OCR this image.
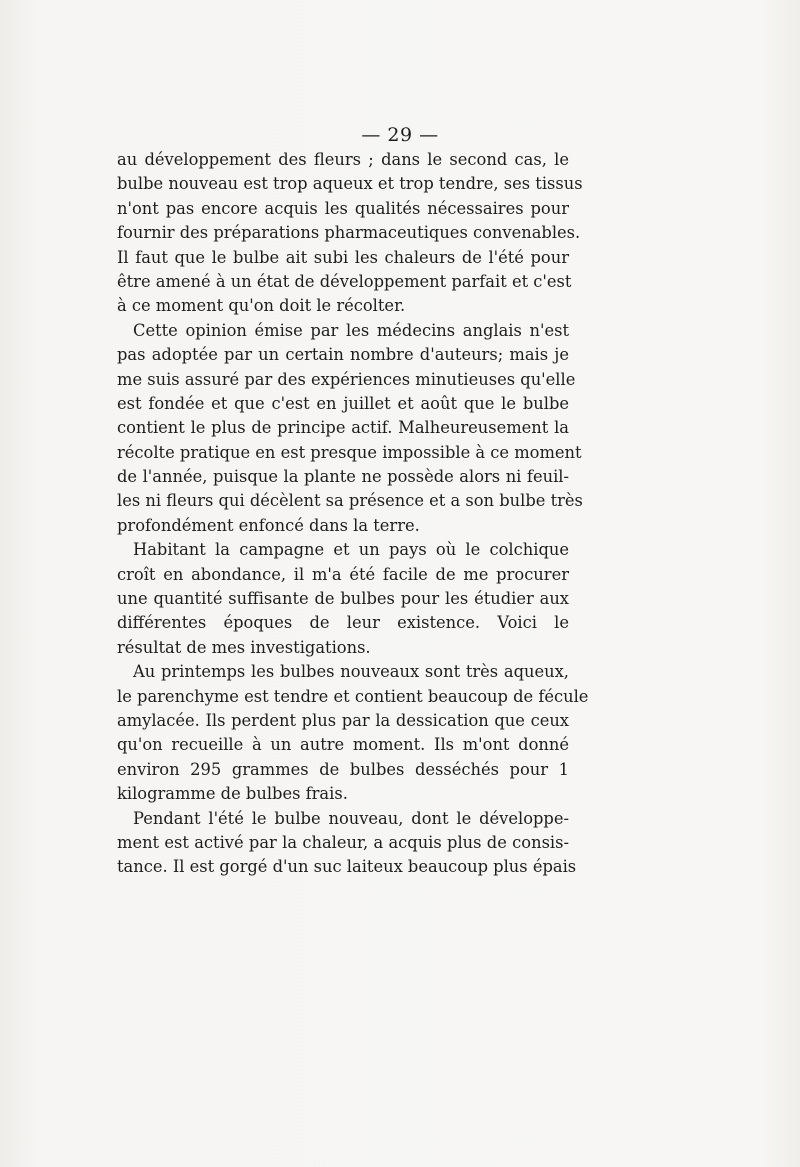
— 29 —
au développement des fleurs ; dans le second cas, le
bulbe nouveau est trop aqueux et trop tendre, ses tissus
n'ont pas encore acquis les qualités nécessaires pour
fournir des préparations pharmaceutiques convenables.
Il faut que le bulbe ait subi les chaleurs de l'été pour
être amené à un état de développement parfait et c'est
à ce moment qu'on doit le récolter.
Cette opinion émise par les médecins anglais n'est
pas adoptée par un certain nombre d'auteurs; mais je
me suis assuré par des expériences minutieuses qu'elle
est fondée et que c'est en juillet et août que le bulbe
contient le plus de principe actif. Malheureusement la
récolte pratique en est presque impossible à ce moment
de l'année, puisque la plante ne possède alors ni feuil-
les ni fleurs qui décèlent sa présence et a son bulbe très
profondément enfoncé dans la terre.
Habitant la campagne et un pays où le colchique
croît en abondance, il m'a été facile de me procurer
une quantité suffisante de bulbes pour les étudier aux
différentes époques de leur existence. Voici le
résultat de mes investigations.
Au printemps les bulbes nouveaux sont très aqueux,
le parenchyme est tendre et contient beaucoup de fécule
amylacée. Ils perdent plus par la dessication que ceux
qu'on recueille à un autre moment. Ils m'ont donné
environ 295 grammes de bulbes desséchés pour 1
kilogramme de bulbes frais.
Pendant l'été le bulbe nouveau, dont le développe-
ment est activé par la chaleur, a acquis plus de consis-
tance. Il est gorgé d'un suc laiteux beaucoup plus épais
